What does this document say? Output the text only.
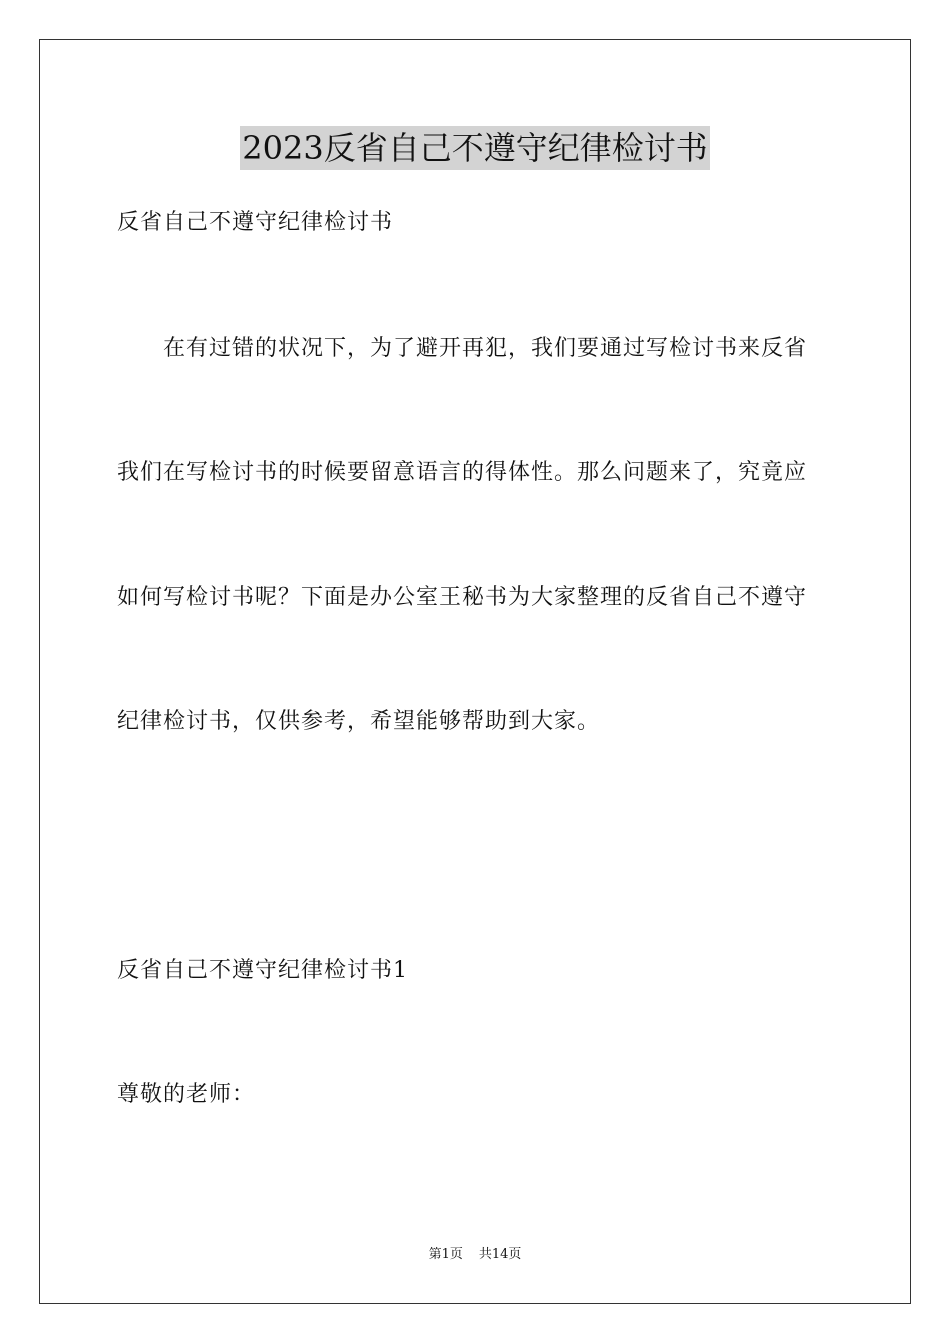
2023反省自己不遵守纪律检讨书
反省自己不遵守纪律检讨书
在有过错的状况下，为了避开再犯，我们要通过写检讨书来反省
我们在写检讨书的时候要留意语言的得体性。那么问题来了，究竟应
如何写检讨书呢？下面是办公室王秘书为大家整理的反省自己不遵守
纪律检讨书，仅供参考，希望能够帮助到大家。
反省自己不遵守纪律检讨书1
尊敬的老师：
第1页 共14页
